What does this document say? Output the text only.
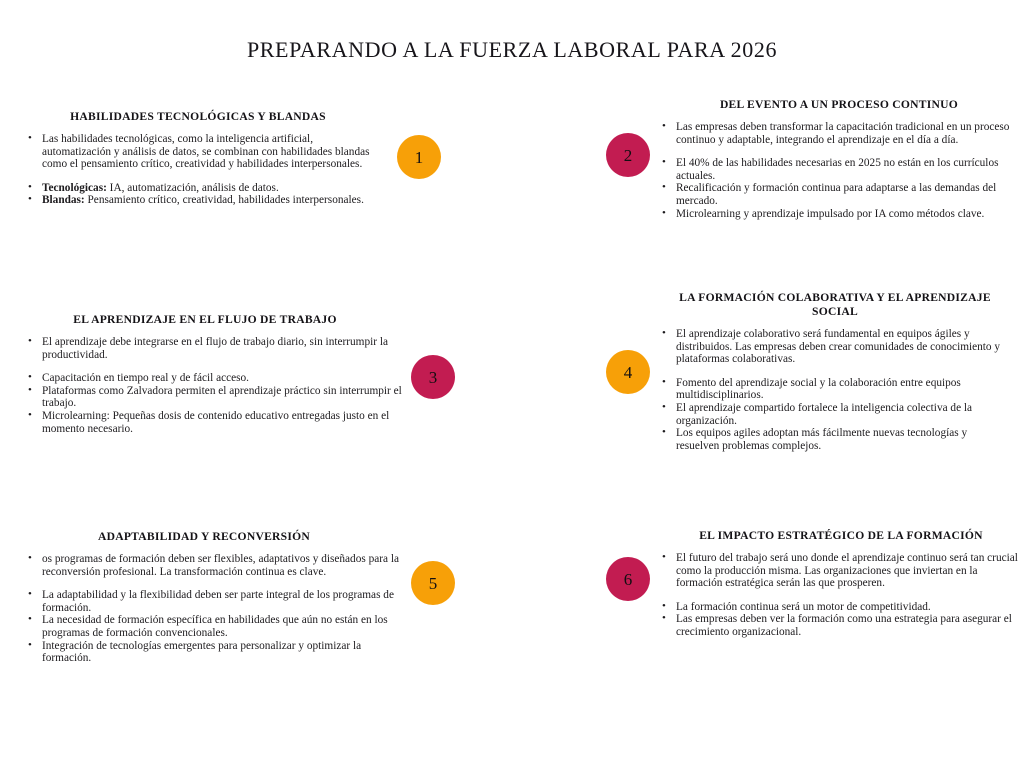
PREPARANDO A LA FUERZA LABORAL PARA 2026
HABILIDADES TECNOLÓGICAS Y BLANDAS
• Las habilidades tecnológicas, como la inteligencia artificial, automatización y análisis de datos, se combinan con habilidades blandas como el pensamiento crítico, creatividad y habilidades interpersonales.
• Tecnológicas: IA, automatización, análisis de datos.
• Blandas: Pensamiento crítico, creatividad, habilidades interpersonales.
1
DEL EVENTO A UN PROCESO CONTINUO
• Las empresas deben transformar la capacitación tradicional en un proceso continuo y adaptable, integrando el aprendizaje en el día a día.
• El 40% de las habilidades necesarias en 2025 no están en los currículos actuales.
• Recalificación y formación continua para adaptarse a las demandas del mercado.
• Microlearning y aprendizaje impulsado por IA como métodos clave.
2
EL APRENDIZAJE EN EL FLUJO DE TRABAJO
• El aprendizaje debe integrarse en el flujo de trabajo diario, sin interrumpir la productividad.
• Capacitación en tiempo real y de fácil acceso.
• Plataformas como Zalvadora permiten el aprendizaje práctico sin interrumpir el trabajo.
• Microlearning: Pequeñas dosis de contenido educativo entregadas justo en el momento necesario.
3
LA FORMACIÓN COLABORATIVA Y EL APRENDIZAJE SOCIAL
• El aprendizaje colaborativo será fundamental en equipos ágiles y distribuidos. Las empresas deben crear comunidades de conocimiento y plataformas colaborativas.
• Fomento del aprendizaje social y la colaboración entre equipos multidisciplinarios.
• El aprendizaje compartido fortalece la inteligencia colectiva de la organización.
• Los equipos agiles adoptan más fácilmente nuevas tecnologías y resuelven problemas complejos.
4
ADAPTABILIDAD Y RECONVERSIÓN
• os programas de formación deben ser flexibles, adaptativos y diseñados para la reconversión profesional. La transformación continua es clave.
• La adaptabilidad y la flexibilidad deben ser parte integral de los programas de formación.
• La necesidad de formación específica en habilidades que aún no están en los programas de formación convencionales.
• Integración de tecnologías emergentes para personalizar y optimizar la formación.
5
EL IMPACTO ESTRATÉGICO DE LA FORMACIÓN
• El futuro del trabajo será uno donde el aprendizaje continuo será tan crucial como la producción misma. Las organizaciones que inviertan en la formación estratégica serán las que prosperen.
• La formación continua será un motor de competitividad.
• Las empresas deben ver la formación como una estrategia para asegurar el crecimiento organizacional.
6
